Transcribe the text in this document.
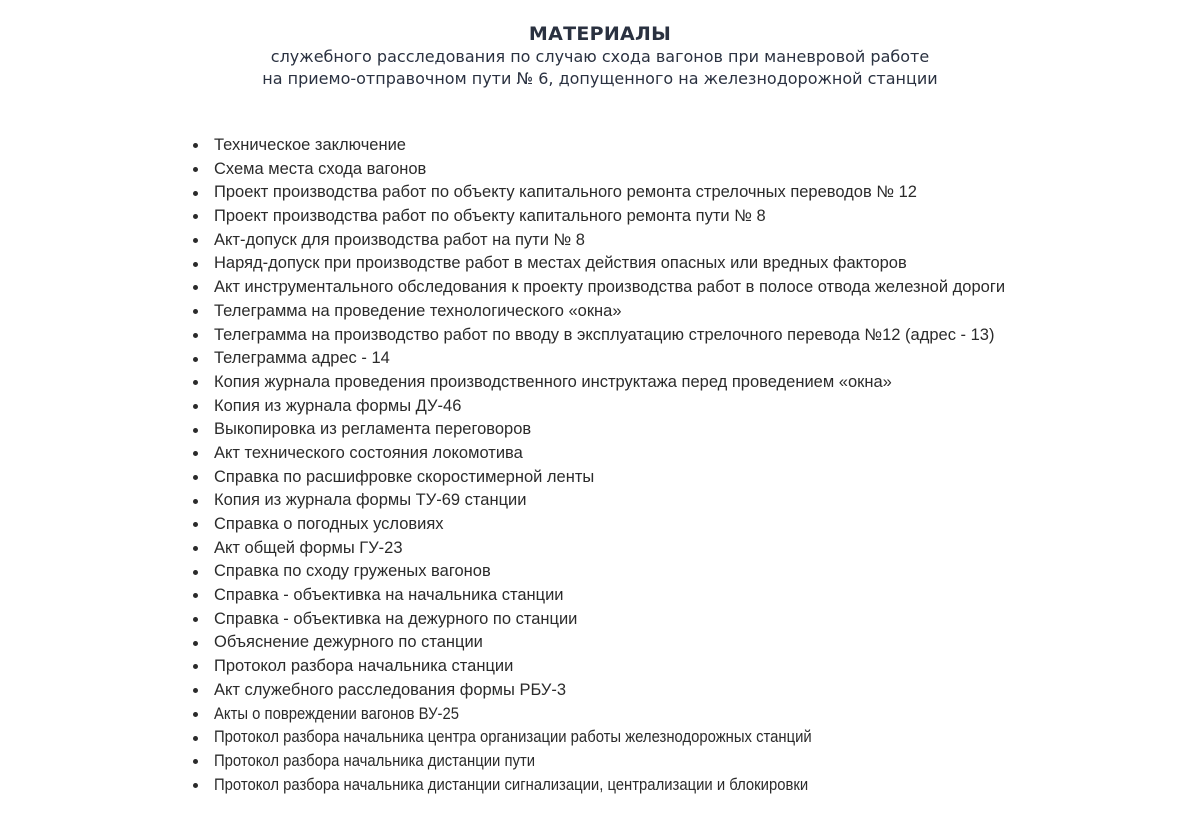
МАТЕРИАЛЫ

служебного расследования по случаю схода вагонов при маневровой работе

на приемо-отправочном пути № 6, допущенного на железнодорожной станции

Техническое заключение
Схема места схода вагонов
Проект производства работ по объекту капитального ремонта стрелочных переводов № 12
Проект производства работ по объекту капитального ремонта пути № 8
Акт-допуск для производства работ на пути № 8
Наряд-допуск при производстве работ в местах действия опасных или вредных факторов
Акт инструментального обследования к проекту производства работ в полосе отвода железной дороги
Телеграмма на проведение технологического «окна»
Телеграмма на производство работ по вводу в эксплуатацию стрелочного перевода №12 (адрес - 13)
Телеграмма адрес - 14
Копия журнала проведения производственного инструктажа перед проведением «окна»
Копия из журнала формы ДУ-46
Выкопировка из регламента переговоров
Акт технического состояния локомотива
Справка по расшифровке скоростимерной ленты
Копия из журнала формы ТУ-69 станции
Справка о погодных условиях
Акт общей формы ГУ-23
Справка по сходу груженых вагонов
Справка - объективка на начальника станции
Справка - объективка на дежурного по станции
Объяснение дежурного по станции
Протокол разбора начальника станции
Акт служебного расследования формы РБУ-3
Акты о повреждении вагонов ВУ-25
Протокол разбора начальника центра организации работы железнодорожных станций
Протокол разбора начальника дистанции пути
Протокол разбора начальника дистанции сигнализации, централизации и блокировки
